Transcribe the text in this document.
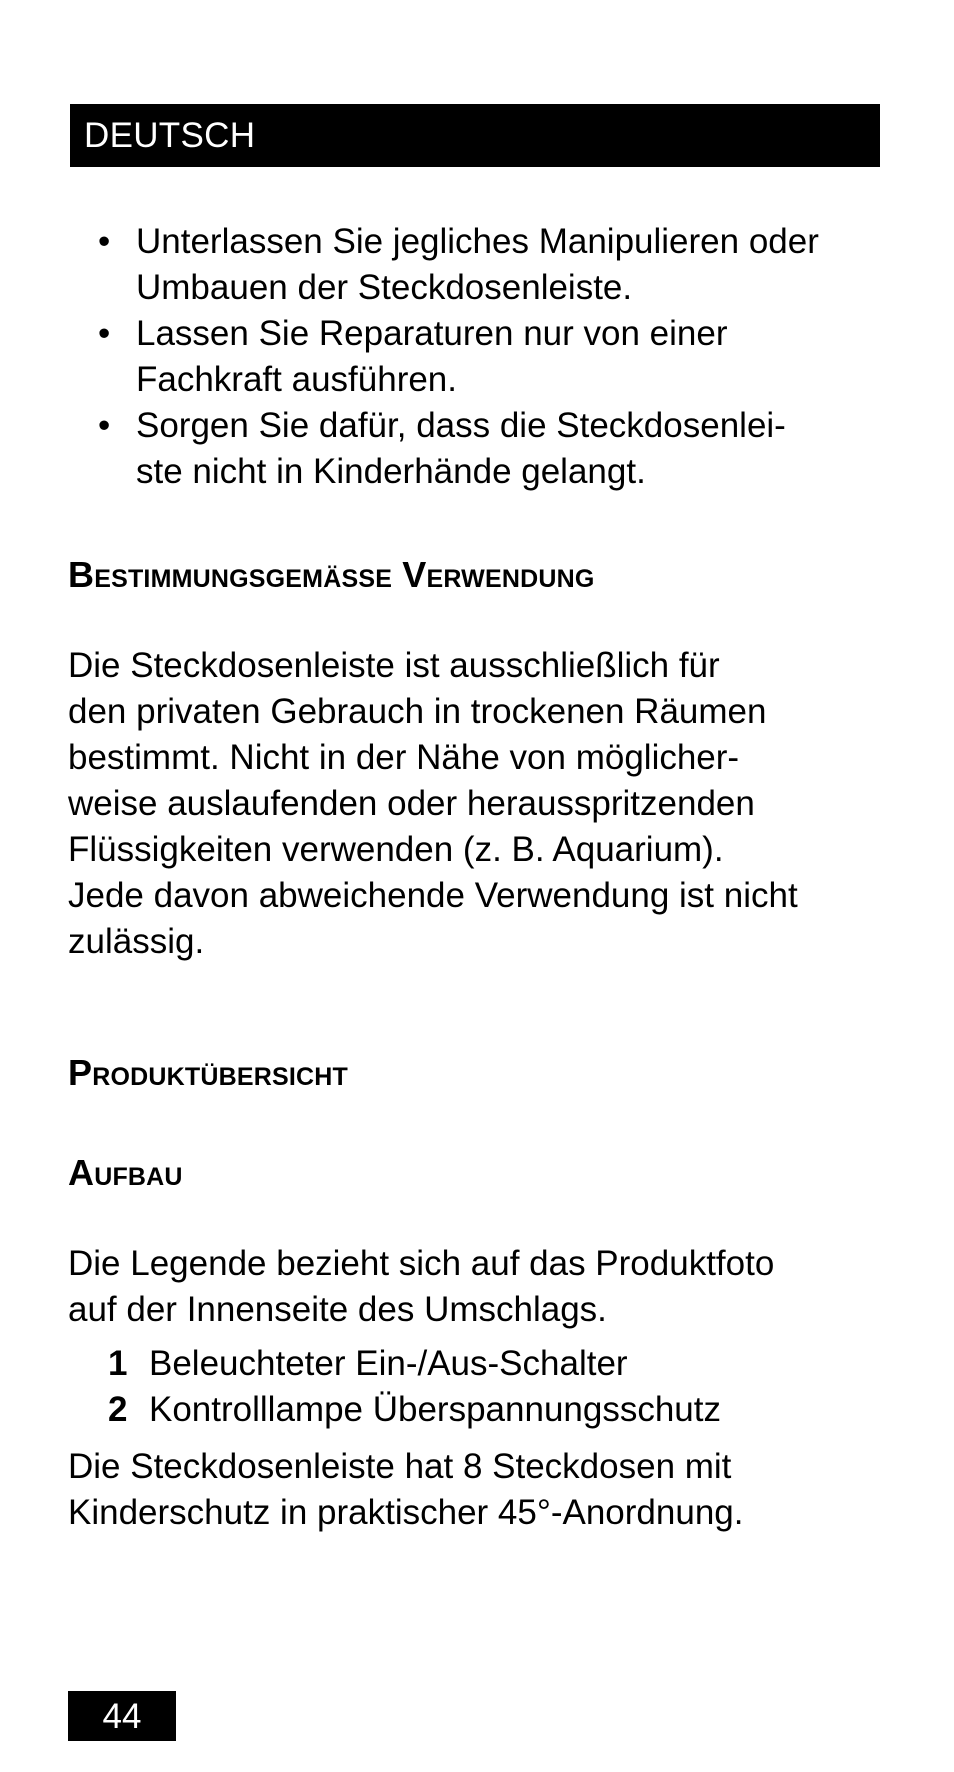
DEUTSCH
• Unterlassen Sie jegliches Manipulieren oder
Umbauen der Steckdosenleiste.
• Lassen Sie Reparaturen nur von einer
Fachkraft ausführen.
• Sorgen Sie dafür, dass die Steckdosenlei-
ste nicht in Kinderhände gelangt.
Bestimmungsgemässe Verwendung
Die Steckdosenleiste ist ausschließlich für
den privaten Gebrauch in trockenen Räumen
bestimmt. Nicht in der Nähe von möglicher-
weise auslaufenden oder herausspritzenden
Flüssigkeiten verwenden (z. B. Aquarium).
Jede davon abweichende Verwendung ist nicht
zulässig.
Produktübersicht
Aufbau
Die Legende bezieht sich auf das Produktfoto
auf der Innenseite des Umschlags.
1 Beleuchteter Ein-/Aus-Schalter
2 Kontrolllampe Überspannungsschutz
Die Steckdosenleiste hat 8 Steckdosen mit
Kinderschutz in praktischer 45°-Anordnung.
44
